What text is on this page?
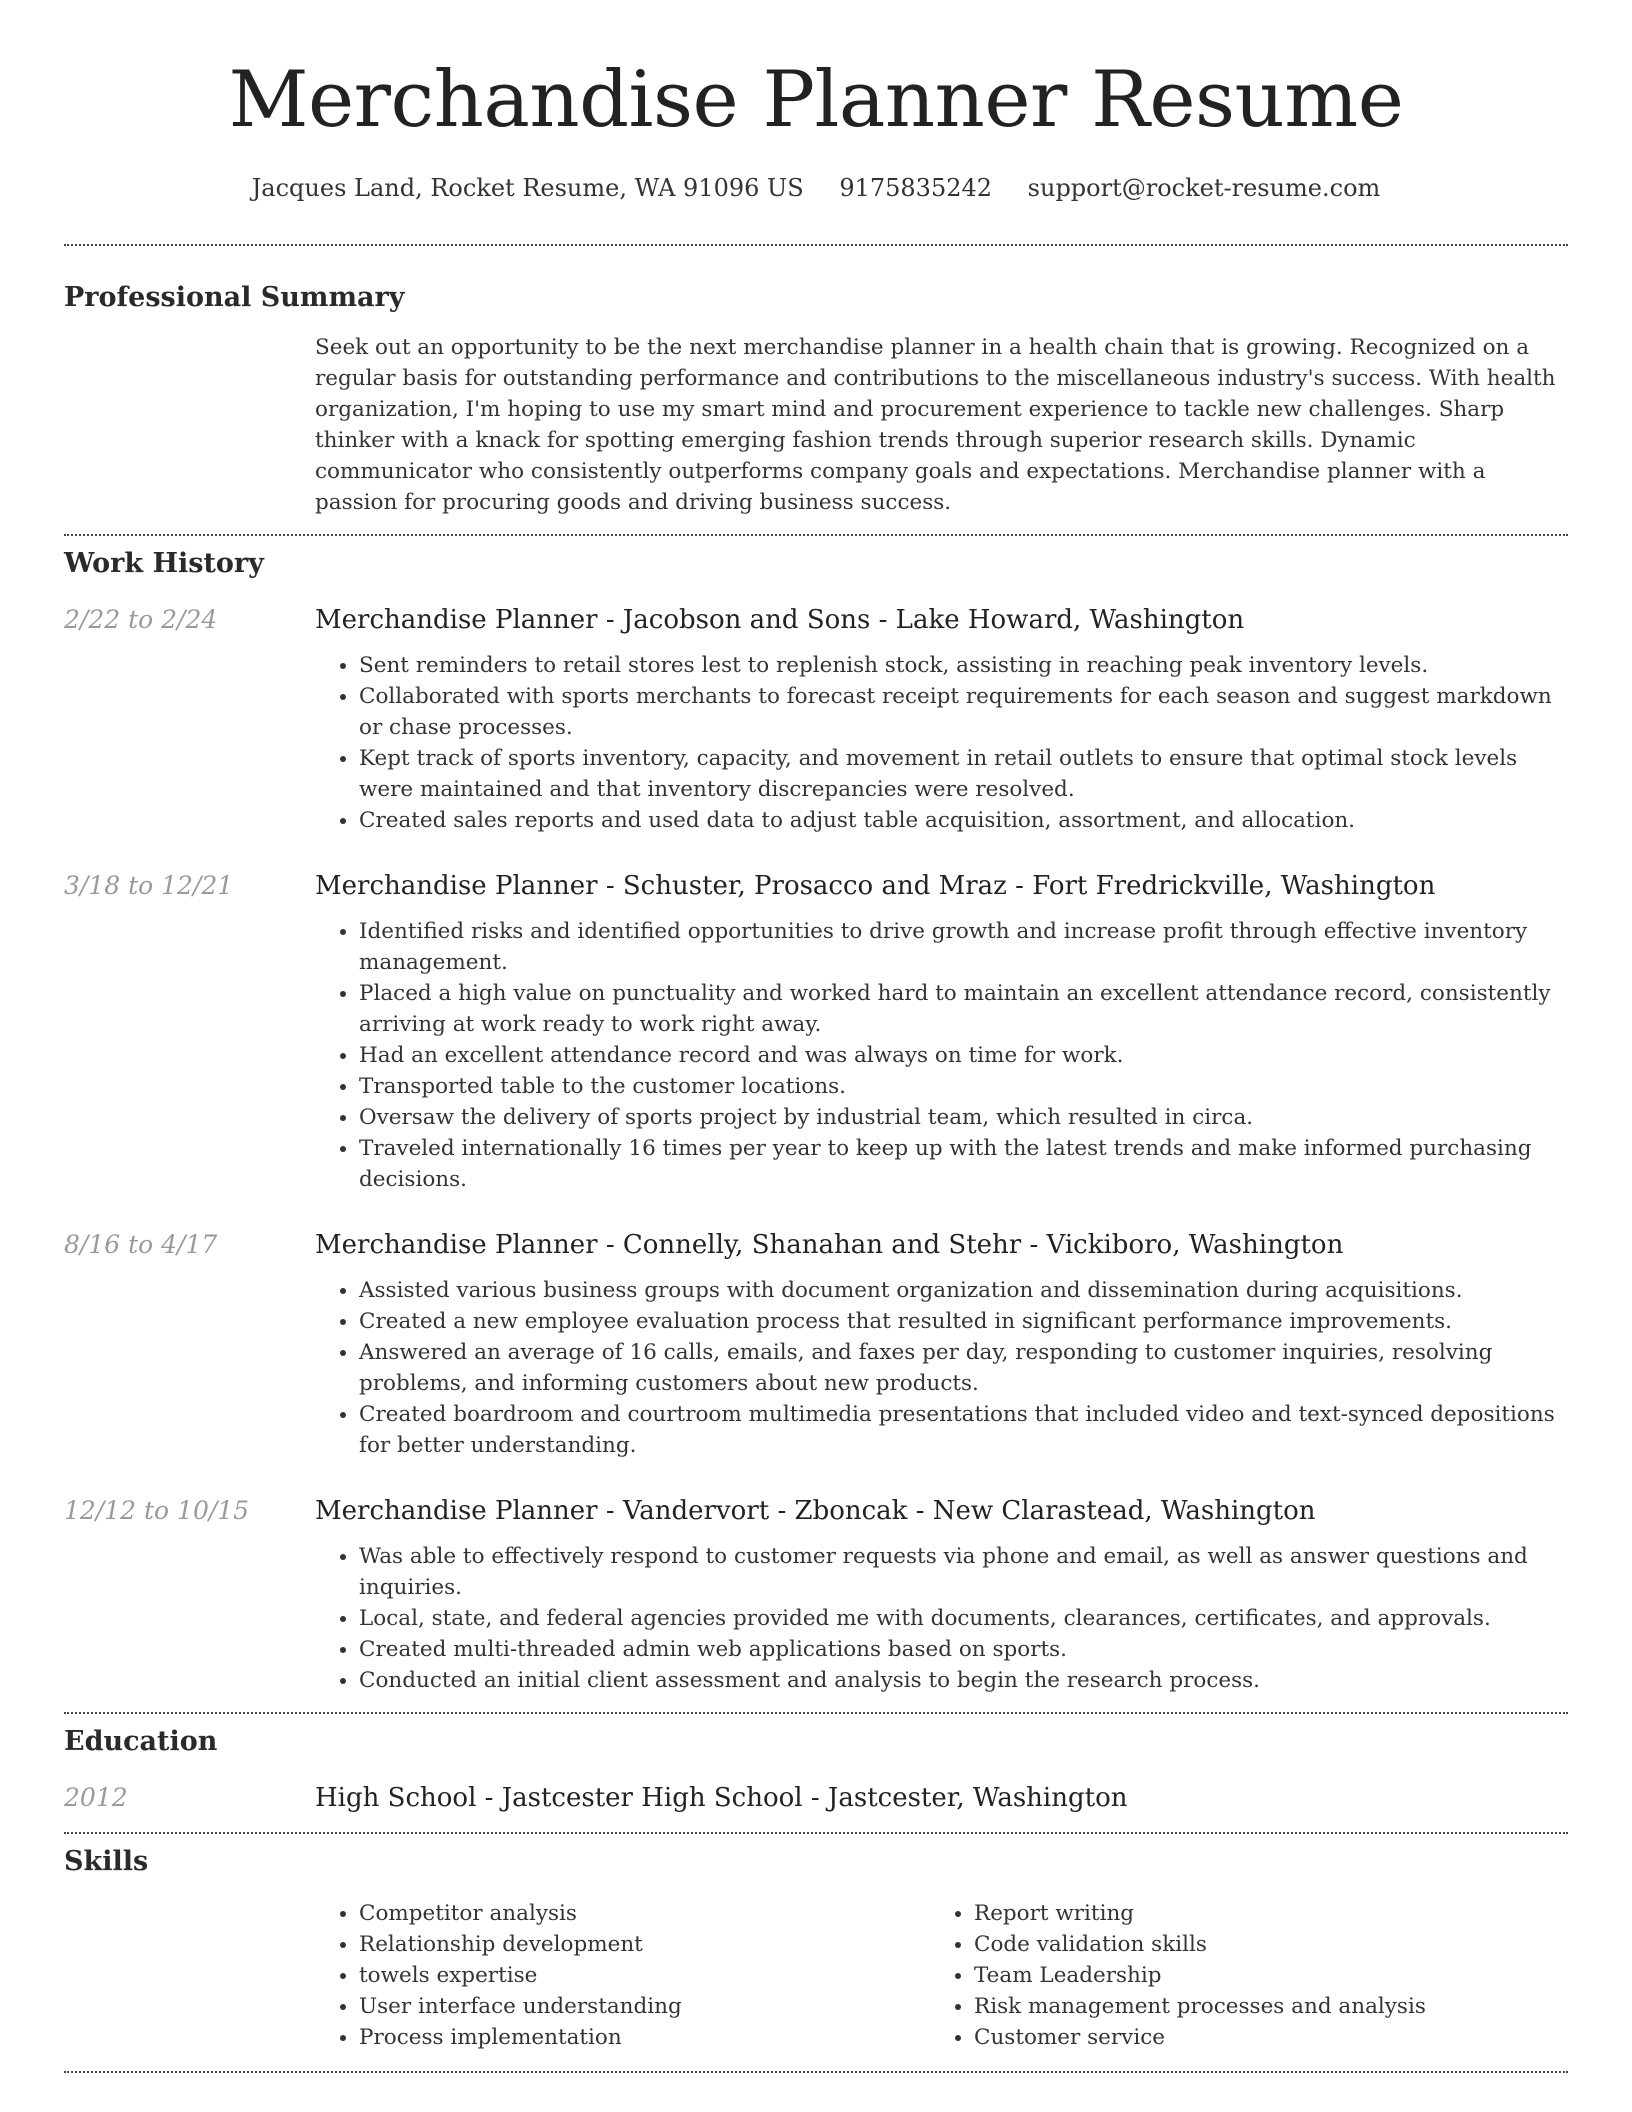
Merchandise Planner Resume
Jacques Land, Rocket Resume, WA 91096 US 9175835242 support@rocket-resume.com
Professional Summary

Seek out an opportunity to be the next merchandise planner in a health chain that is growing. Recognized on a regular basis for outstanding performance and contributions to the miscellaneous industry's success. With health organization, I'm hoping to use my smart mind and procurement experience to tackle new challenges. Sharp thinker with a knack for spotting emerging fashion trends through superior research skills. Dynamic communicator who consistently outperforms company goals and expectations. Merchandise planner with a passion for procuring goods and driving business success.

Work History
2/22 to 2/24	Merchandise Planner - Jacobson and Sons - Lake Howard, Washington
• Sent reminders to retail stores lest to replenish stock, assisting in reaching peak inventory levels.
• Collaborated with sports merchants to forecast receipt requirements for each season and suggest markdown or chase processes.
• Kept track of sports inventory, capacity, and movement in retail outlets to ensure that optimal stock levels were maintained and that inventory discrepancies were resolved.
• Created sales reports and used data to adjust table acquisition, assortment, and allocation.
3/18 to 12/21	Merchandise Planner - Schuster, Prosacco and Mraz - Fort Fredrickville, Washington
• Identified risks and identified opportunities to drive growth and increase profit through effective inventory management.
• Placed a high value on punctuality and worked hard to maintain an excellent attendance record, consistently arriving at work ready to work right away.
• Had an excellent attendance record and was always on time for work.
• Transported table to the customer locations.
• Oversaw the delivery of sports project by industrial team, which resulted in circa.
• Traveled internationally 16 times per year to keep up with the latest trends and make informed purchasing decisions.
8/16 to 4/17	Merchandise Planner - Connelly, Shanahan and Stehr - Vickiboro, Washington
• Assisted various business groups with document organization and dissemination during acquisitions.
• Created a new employee evaluation process that resulted in significant performance improvements.
• Answered an average of 16 calls, emails, and faxes per day, responding to customer inquiries, resolving problems, and informing customers about new products.
• Created boardroom and courtroom multimedia presentations that included video and text-synced depositions for better understanding.
12/12 to 10/15	Merchandise Planner - Vandervort - Zboncak - New Clarastead, Washington
• Was able to effectively respond to customer requests via phone and email, as well as answer questions and inquiries.
• Local, state, and federal agencies provided me with documents, clearances, certificates, and approvals.
• Created multi-threaded admin web applications based on sports.
• Conducted an initial client assessment and analysis to begin the research process.
Education
2012	High School - Jastcester High School - Jastcester, Washington
Skills
• Competitor analysis
• Relationship development
• towels expertise
• User interface understanding
• Process implementation
• Report writing
• Code validation skills
• Team Leadership
• Risk management processes and analysis
• Customer service
